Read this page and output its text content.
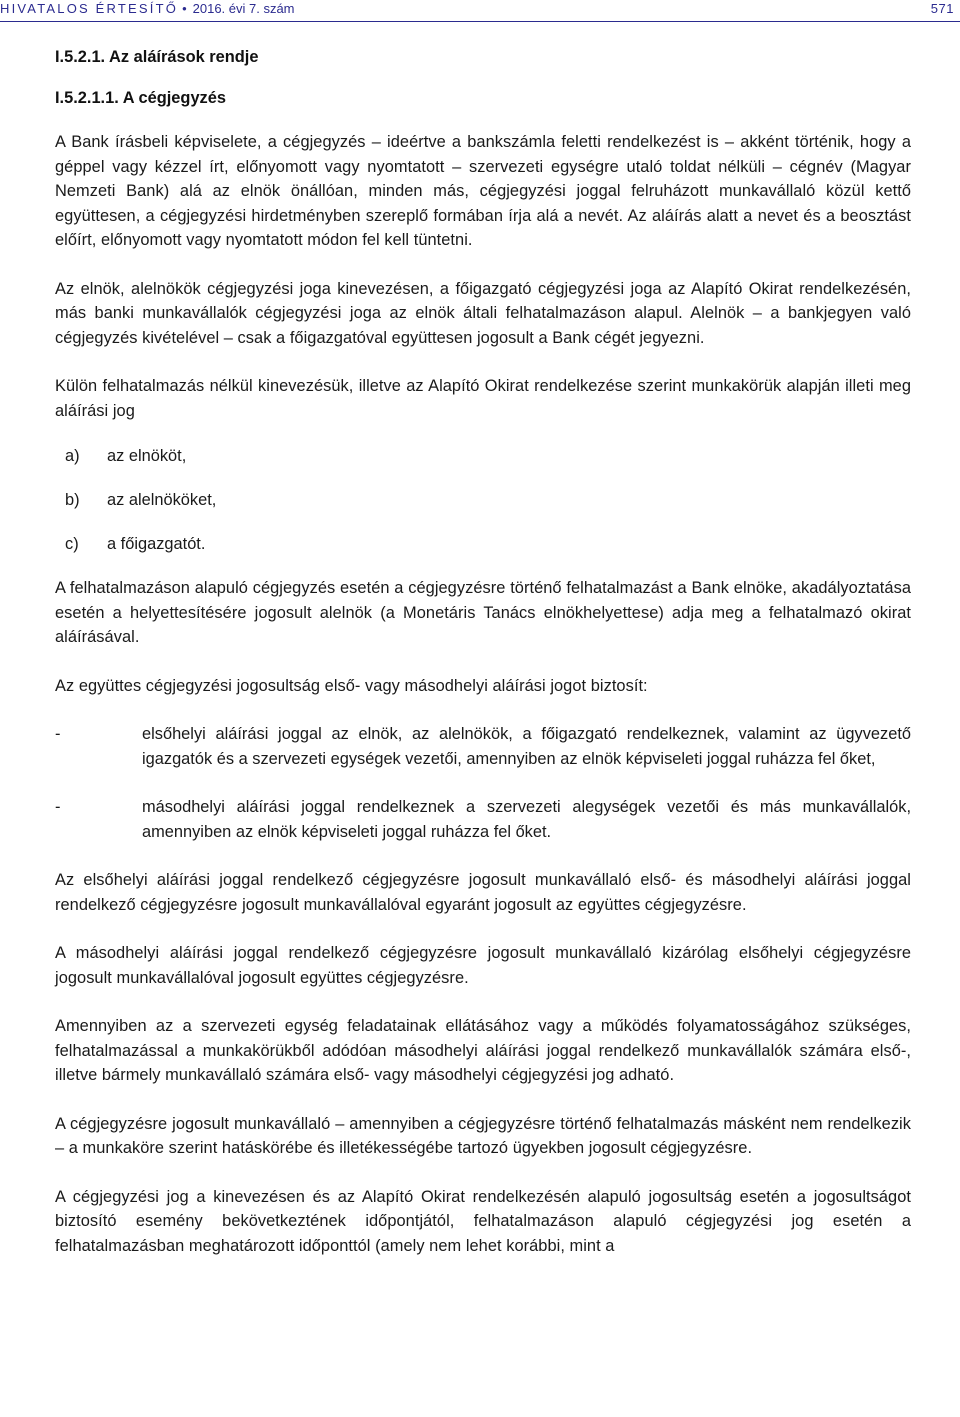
HIVATALOS ÉRTESÍTŐ • 2016. évi 7. szám	571
I.5.2.1. Az aláírások rendje
I.5.2.1.1. A cégjegyzés

A Bank írásbeli képviselete, a cégjegyzés – ideértve a bankszámla feletti rendelkezést is – akként történik, hogy a géppel vagy kézzel írt, előnyomott vagy nyomtatott – szervezeti egységre utaló toldat nélküli – cégnév (Magyar Nemzeti Bank) alá az elnök önállóan, minden más, cégjegyzési joggal felruházott munkavállaló közül kettő együttesen, a cégjegyzési hirdetményben szereplő formában írja alá a nevét. Az aláírás alatt a nevet és a beosztást előírt, előnyomott vagy nyomtatott módon fel kell tüntetni.

Az elnök, alelnökök cégjegyzési joga kinevezésen, a főigazgató cégjegyzési joga az Alapító Okirat rendelkezésén, más banki munkavállalók cégjegyzési joga az elnök általi felhatalmazáson alapul. Alelnök – a bankjegyen való cégjegyzés kivételével – csak a főigazgatóval együttesen jogosult a Bank cégét jegyezni.

Külön felhatalmazás nélkül kinevezésük, illetve az Alapító Okirat rendelkezése szerint munkakörük alapján illeti meg aláírási jog

a)	az elnököt,
b)	az alelnököket,
c)	a főigazgatót.

A felhatalmazáson alapuló cégjegyzés esetén a cégjegyzésre történő felhatalmazást a Bank elnöke, akadályoztatása esetén a helyettesítésére jogosult alelnök (a Monetáris Tanács elnökhelyettese) adja meg a felhatalmazó okirat aláírásával.

Az együttes cégjegyzési jogosultság első- vagy másodhelyi aláírási jogot biztosít:

-	elsőhelyi aláírási joggal az elnök, az alelnökök, a főigazgató rendelkeznek, valamint az ügyvezető igazgatók és a szervezeti egységek vezetői, amennyiben az elnök képviseleti joggal ruházza fel őket,
-	másodhelyi aláírási joggal rendelkeznek a szervezeti alegységek vezetői és más munkavállalók, amennyiben az elnök képviseleti joggal ruházza fel őket.

Az elsőhelyi aláírási joggal rendelkező cégjegyzésre jogosult munkavállaló első- és másodhelyi aláírási joggal rendelkező cégjegyzésre jogosult munkavállalóval egyaránt jogosult az együttes cégjegyzésre.

A másodhelyi aláírási joggal rendelkező cégjegyzésre jogosult munkavállaló kizárólag elsőhelyi cégjegyzésre jogosult munkavállalóval jogosult együttes cégjegyzésre.

Amennyiben az a szervezeti egység feladatainak ellátásához vagy a működés folyamatosságához szükséges, felhatalmazással a munkakörükből adódóan másodhelyi aláírási joggal rendelkező munkavállalók számára első-, illetve bármely munkavállaló számára első- vagy másodhelyi cégjegyzési jog adható.

A cégjegyzésre jogosult munkavállaló – amennyiben a cégjegyzésre történő felhatalmazás másként nem rendelkezik – a munkaköre szerint hatáskörébe és illetékességébe tartozó ügyekben jogosult cégjegyzésre.

A cégjegyzési jog a kinevezésen és az Alapító Okirat rendelkezésén alapuló jogosultság esetén a jogosultságot biztosító esemény bekövetkeztének időpontjától, felhatalmazáson alapuló cégjegyzési jog esetén a felhatalmazásban meghatározott időponttól (amely nem lehet korábbi, mint a
